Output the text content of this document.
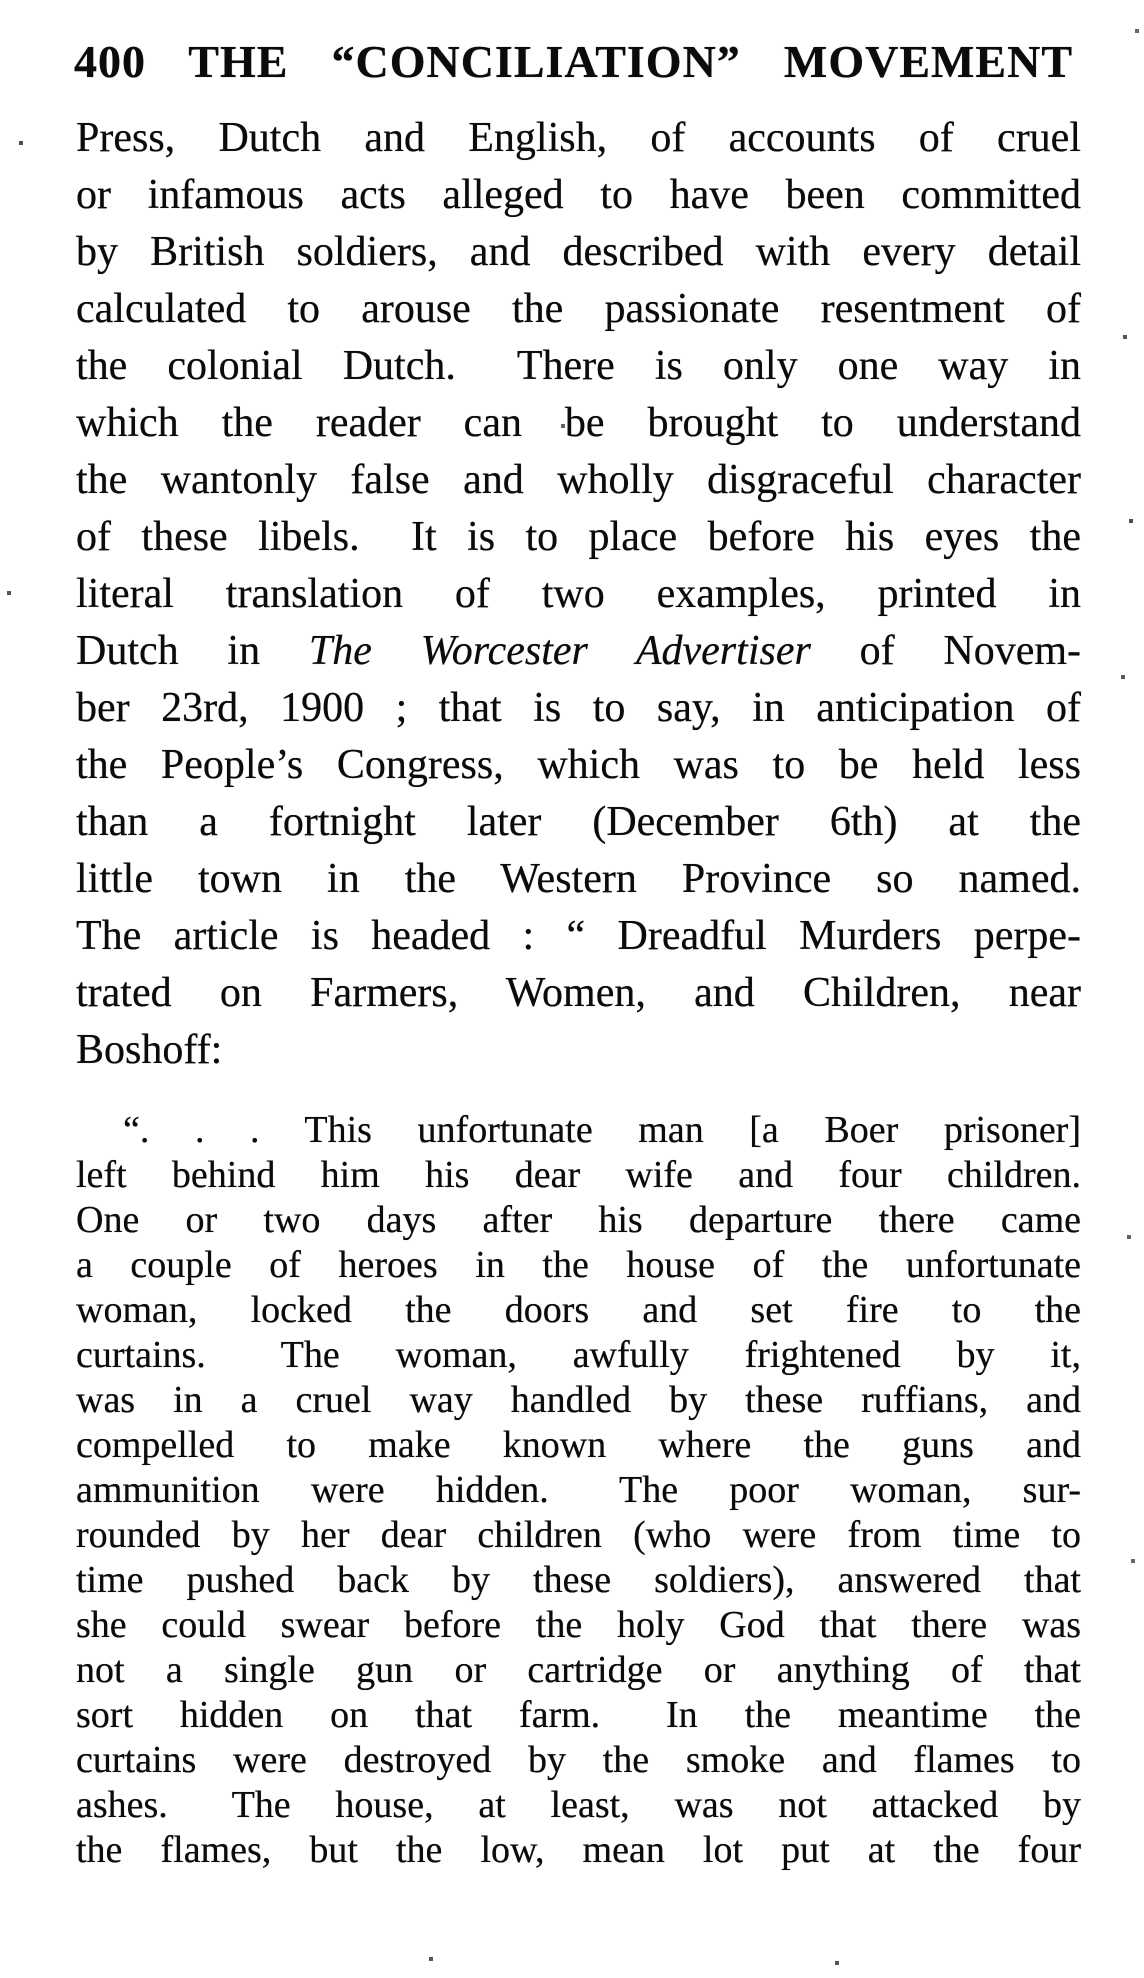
400 THE “CONCILIATION” MOVEMENT
Press, Dutch and English, of accounts of cruel
or infamous acts alleged to have been committed
by British soldiers, and described with every detail
calculated to arouse the passionate resentment of
the colonial Dutch.  There is only one way in
which the reader can be brought to understand
the wantonly false and wholly disgraceful character
of these libels.  It is to place before his eyes the
literal translation of two examples, printed in
Dutch in The Worcester Advertiser of Novem-
ber 23rd, 1900 ; that is to say, in anticipation of
the People’s Congress, which was to be held less
than a fortnight later (December 6th) at the
little town in the Western Province so named.
The article is headed : “ Dreadful Murders perpe-
trated on Farmers, Women, and Children, near
Boshoff:
“. . . This unfortunate man [a Boer prisoner]
left behind him his dear wife and four children.
One or two days after his departure there came
a couple of heroes in the house of the unfortunate
woman, locked the doors and set fire to the
curtains.  The woman, awfully frightened by it,
was in a cruel way handled by these ruffians, and
compelled to make known where the guns and
ammunition were hidden.  The poor woman, sur-
rounded by her dear children (who were from time to
time pushed back by these soldiers), answered that
she could swear before the holy God that there was
not a single gun or cartridge or anything of that
sort hidden on that farm.  In the meantime the
curtains were destroyed by the smoke and flames to
ashes.  The house, at least, was not attacked by
the flames, but the low, mean lot put at the four
